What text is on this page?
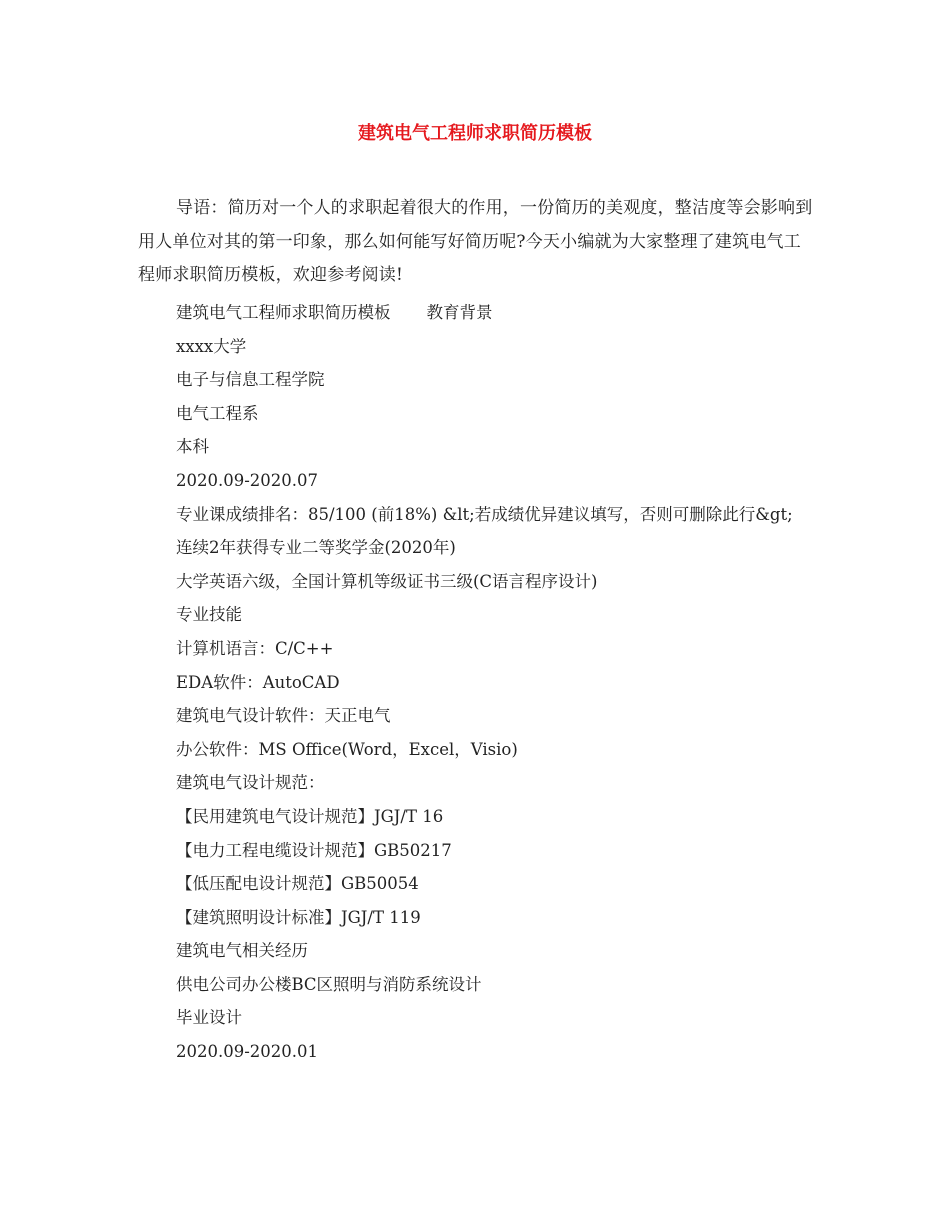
建筑电气工程师求职简历模板

导语：简历对一个人的求职起着很大的作用，一份简历的美观度，整洁度等会影响到用人单位对其的第一印象，那么如何能写好简历呢?今天小编就为大家整理了建筑电气工程师求职简历模板，欢迎参考阅读!

建筑电气工程师求职简历模板 教育背景
xxxx大学
电子与信息工程学院
电气工程系
本科
2020.09-2020.07
专业课成绩排名：85/100 (前18%) &lt;若成绩优异建议填写，否则可删除此行&gt;
连续2年获得专业二等奖学金(2020年)
大学英语六级，全国计算机等级证书三级(C语言程序设计)
专业技能
计算机语言：C/C++
EDA软件：AutoCAD
建筑电气设计软件：天正电气
办公软件：MS Office(Word，Excel，Visio)
建筑电气设计规范：
【民用建筑电气设计规范】JGJ/T 16
【电力工程电缆设计规范】GB50217
【低压配电设计规范】GB50054
【建筑照明设计标准】JGJ/T 119
建筑电气相关经历
供电公司办公楼BC区照明与消防系统设计
毕业设计
2020.09-2020.01
